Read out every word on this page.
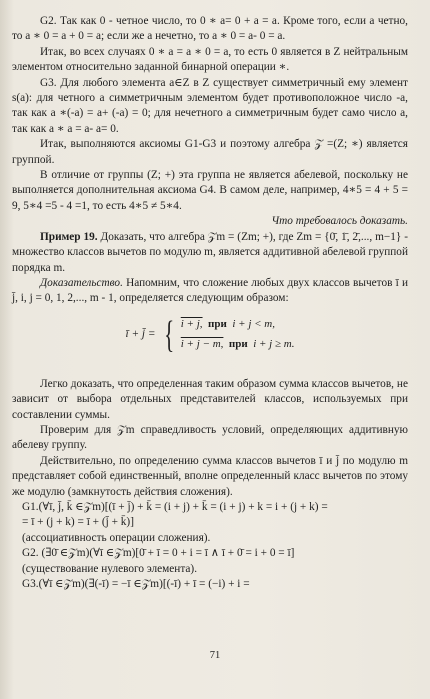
G2. Так как 0 - четное число, то 0 ∗ a= 0 + a = a. Кроме того, если a четно, то a ∗ 0 = a + 0 = a; если же a нечетно, то a ∗ 0 = a- 0 = a.

Итак, во всех случаях 0 ∗ a = a ∗ 0 = a, то есть 0 является в Z нейтральным элементом относительно заданной бинарной операции ∗.

G3. Для любого элемента a∈Z в Z существует симметричный ему элемент s(a): для четного a симметричным элементом будет противоположное число -a, так как a ∗(-a) = a+ (-a) = 0; для нечетного a симметричным будет само число a, так как a ∗ a = a- a= 0.

Итак, выполняются аксиомы G1-G3 и поэтому алгебра 𝒵 =(Z; ∗) является группой.

В отличие от группы (Z; +) эта группа не является абелевой, поскольку не выполняется дополнительная аксиома G4. В самом деле, например, 4∗5 = 4 + 5 = 9, 5∗4 =5 - 4 =1, то есть 4∗5 ≠ 5∗4.

Что требовалось доказать.

Пример 19. Доказать, что алгебра 𝒵m = (Zm; +), где Zm = {0̄, 1̄, 2̄,..., m−1} - множество классов вычетов по модулю m, является аддитивной абелевой группой порядка m.

Доказательство. Напомним, что сложение любых двух классов вычетов ī и j̄, i, j = 0, 1, 2,..., m - 1, определяется следующим образом:

ī + j̄ = { i + j, при i + j < m,
i + j − m, при i + j ≥ m.

Легко доказать, что определенная таким образом сумма классов вычетов, не зависит от выбора отдельных представителей классов, используемых при составлении суммы.

Проверим для 𝒵m справедливость условий, определяющих аддитивную абелеву группу.

Действительно, по определению сумма классов вычетов ī и j̄ по модулю m представляет собой единственный, вполне определенный класс вычетов по этому же модулю (замкнутость действия сложения).

G1.(∀ī, j̄, k̄ ∈𝒵m)[(ī + j̄) + k̄ = (i + j) + k̄ = (i + j) + k = i + (j + k) =

= ī + (j + k) = ī + (j̄ + k̄)]

(ассоциативность операции сложения).

G2. (∃0̄ ∈𝒵m)(∀ī ∈𝒵m)[0̄ + ī = 0 + i = ī ∧ ī + 0̄ = i + 0 = ī]

(существование нулевого элемента).

G3.(∀ī ∈𝒵m)(∃(-ī) = −ī ∈𝒵m)[(-ī) + ī = (−i) + i =

71
